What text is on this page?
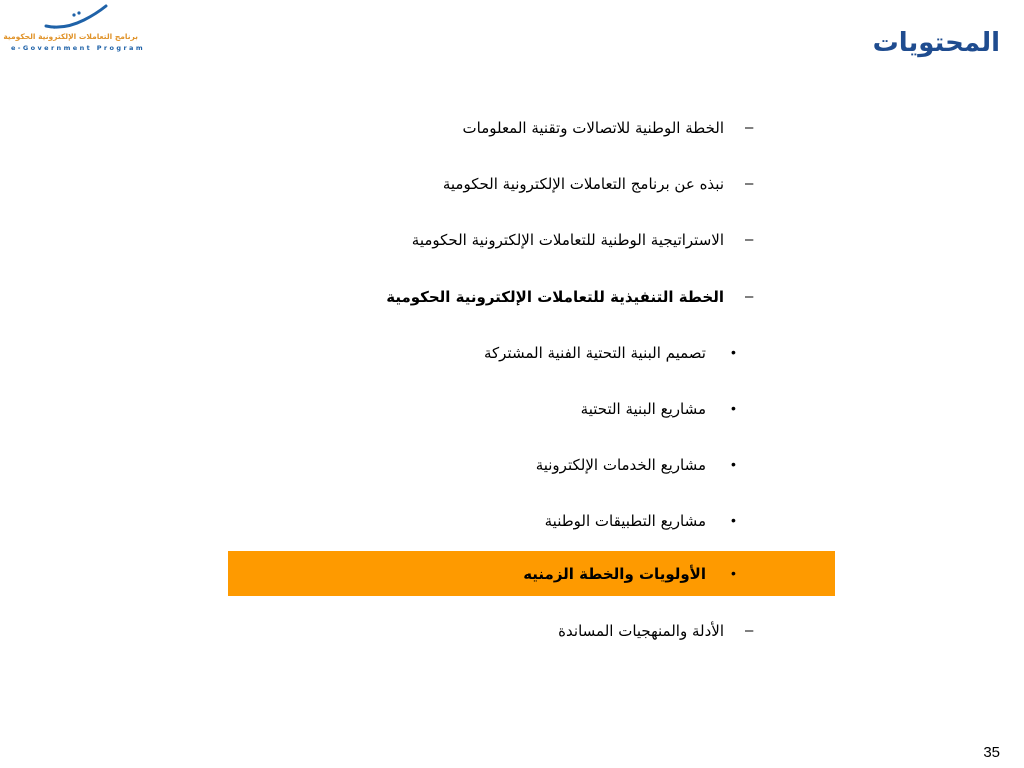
برنامج التعاملات الإلكترونية الحكومية
e-Government Program	المحتويات
–
الخطة الوطنية للاتصالات وتقنية المعلومات
–
نبذه عن برنامج التعاملات الإلكترونية الحكومية
–
الاستراتيجية الوطنية للتعاملات الإلكترونية الحكومية
–
الخطة التنفيذية للتعاملات الإلكترونية الحكومية
•
تصميم البنية التحتية الفنية المشتركة
•
مشاريع البنية التحتية
•
مشاريع الخدمات الإلكترونية
•
مشاريع التطبيقات الوطنية
•
الأولويات والخطة الزمنيه
–
الأدلة والمنهجيات المساندة
35
